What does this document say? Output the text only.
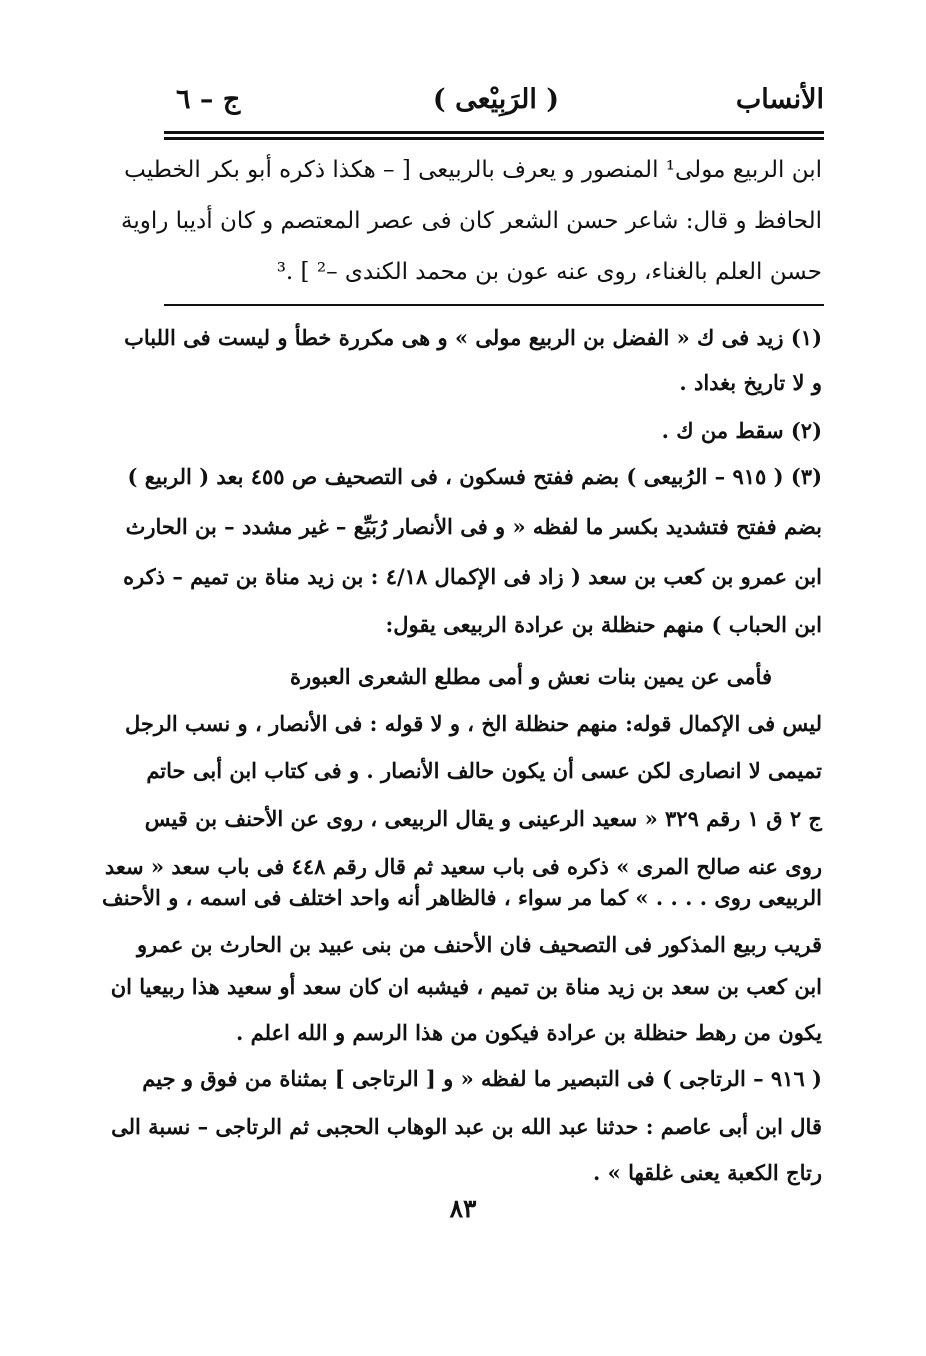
الأنساب
( الرَبِيْعى )
ج – ٦
ابن الربيع مولى¹ المنصور و يعرف بالربيعى [ – هكذا ذكره أبو بكر الخطيب
الحافظ و قال: شاعر حسن الشعر كان فى عصر المعتصم و كان أديبا راوية
حسن العلم بالغناء، روى عنه عون بن محمد الكندى –² ] .³
(١) زيد فى ك « الفضل بن الربيع مولى » و هى مكررة خطأ و ليست فى اللباب
و لا تاريخ بغداد .
(٢) سقط من ك .
(٣) ( ٩١٥ – الرُبيعى ) بضم ففتح فسكون ، فى التصحيف ص ٤٥٥ بعد ( الربيع )
بضم ففتح فتشديد بكسر ما لفظه « و فى الأنصار رُبَيِّع – غير مشدد – بن الحارث
ابن عمرو بن كعب بن سعد ( زاد فى الإكمال ٤/١٨ : بن زيد مناة بن تميم – ذكره
ابن الحباب ) منهم حنظلة بن عرادة الربيعى يقول:
فأمى عن يمين بنات نعش و أمى مطلع الشعرى العبورة
ليس فى الإكمال قوله: منهم حنظلة الخ ، و لا قوله : فى الأنصار ، و نسب الرجل
تميمى لا انصارى لكن عسى أن يكون حالف الأنصار . و فى كتاب ابن أبى حاتم
ج ٢ ق ١ رقم ٣٢٩ « سعيد الرعينى و يقال الربيعى ، روى عن الأحنف بن قيس
روى عنه صالح المرى » ذكره فى باب سعيد ثم قال رقم ٤٤٨ فى باب سعد « سعد
الربيعى روى . . . . » كما مر سواء ، فالظاهر أنه واحد اختلف فى اسمه ، و الأحنف
قريب ربيع المذكور فى التصحيف فان الأحنف من بنى عبيد بن الحارث بن عمرو
ابن كعب بن سعد بن زيد مناة بن تميم ، فيشبه ان كان سعد أو سعيد هذا ربيعيا ان
يكون من رهط حنظلة بن عرادة فيكون من هذا الرسم و الله اعلم .
( ٩١٦ – الرتاجى ) فى التبصير ما لفظه « و [ الرتاجى ] بمثناة من فوق و جيم
قال ابن أبى عاصم : حدثنا عبد الله بن عبد الوهاب الحجبى ثم الرتاجى – نسبة الى
رتاج الكعبة يعنى غلقها » .
٨٣
